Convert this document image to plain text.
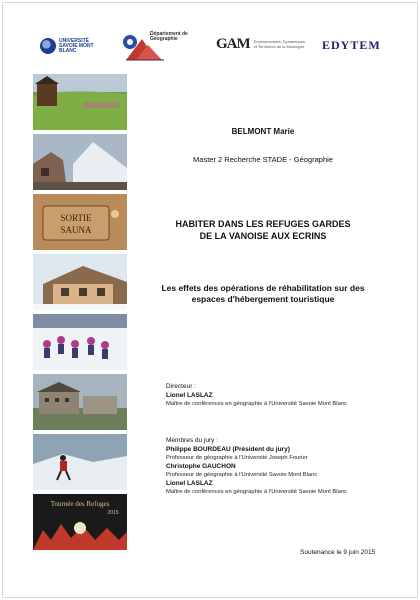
UNIVERSITÉ SAVOIE MONT BLANC
Département de Géographie	GAM Environnement, Dynamiques et Territoires de la Montagne EDYTEM
SORTIE
SAUNA
Tournée des Refuges
2015
BELMONT Marie
Master 2 Recherche STADE - Géographie
HABITER DANS LES REFUGES GARDES
DE LA VANOISE AUX ECRINS
Les effets des opérations de réhabilitation sur des
espaces d'hébergement touristique
Directeur :
Lionel LASLAZ
Maître de conférences en géographie à l'Université Savoie Mont Blanc
Membres du jury :
Philippe BOURDEAU (Président du jury)
Professeur de géographie à l'Université Joseph Fourier
Christophe GAUCHON
Professeur de géographie à l'Université Savoie Mont Blanc
Lionel LASLAZ
Maître de conférences en géographie à l'Université Savoie Mont Blanc
Soutenance le 9 juin 2015
